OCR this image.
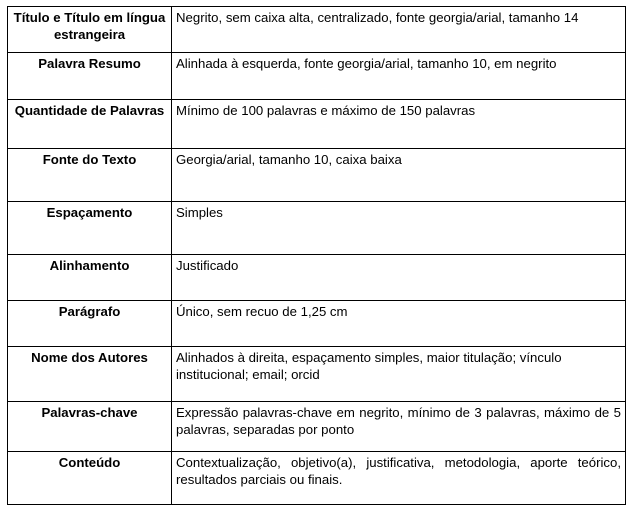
Título e Título em língua estrangeira	Negrito, sem caixa alta, centralizado, fonte georgia/arial, tamanho 14
Palavra Resumo	Alinhada à esquerda, fonte georgia/arial, tamanho 10, em negrito
Quantidade de Palavras	Mínimo de 100 palavras e máximo de 150 palavras
Fonte do Texto	Georgia/arial, tamanho 10, caixa baixa
Espaçamento	Simples
Alinhamento	Justificado
Parágrafo	Único, sem recuo de 1,25 cm
Nome dos Autores	Alinhados à direita, espaçamento simples, maior titulação; vínculo institucional; email; orcid
Palavras-chave	Expressão palavras-chave em negrito, mínimo de 3 palavras, máximo de 5 palavras, separadas por ponto
Conteúdo	Contextualização, objetivo(a), justificativa, metodologia, aporte teórico, resultados parciais ou finais.
